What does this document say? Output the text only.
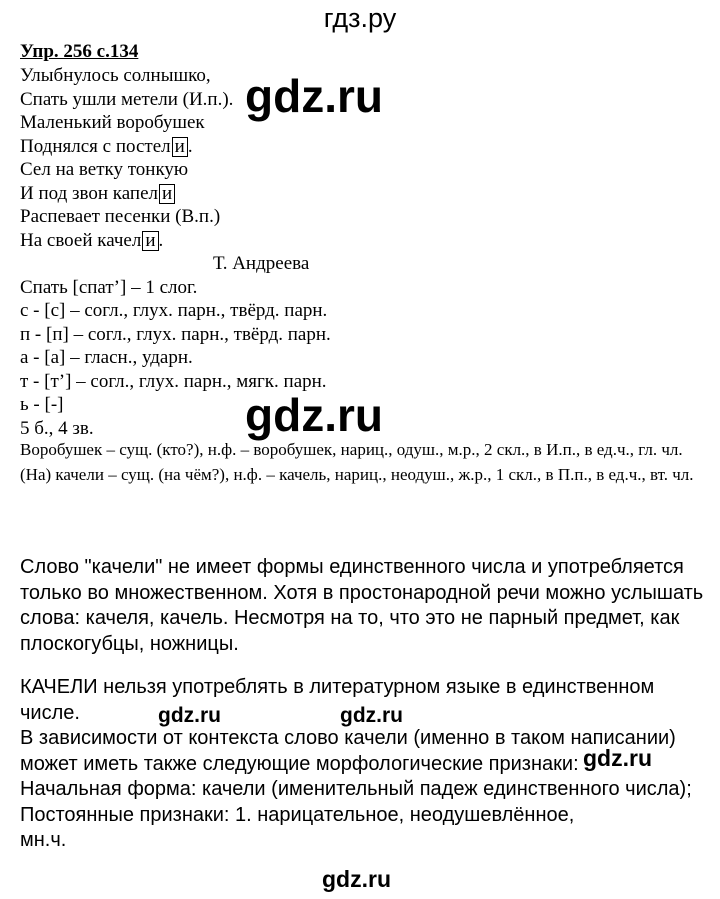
гдз.ру
Упр. 256 с.134
Улыбнулось солнышко,
Спать ушли метели (И.п.).
Маленький воробушек
Поднялся с постел и .
Сел на ветку тонкую
И под звон капел и
Распевает песенки (В.п.)
На своей качел и .
Т. Андреева
Спать [спат’] – 1 слог.
с - [с] – согл., глух. парн., твёрд. парн.
п - [п] – согл., глух. парн., твёрд. парн.
а - [а] – гласн., ударн.
т - [т’] – согл., глух. парн., мягк. парн.
ь - [-]
5 б., 4 зв.
Воробушек – сущ. (кто?), н.ф. – воробушек, нариц., одуш., м.р., 2 скл., в И.п., в ед.ч., гл. чл.
(На) качели – сущ. (на чём?), н.ф. – качель, нариц., неодуш., ж.р., 1 скл., в П.п., в ед.ч., вт. чл.
Слово "качели" не имеет формы единственного числа и употребляется только во множественном. Хотя в простонародной речи можно услышать слова: качеля, качель. Несмотря на то, что это не парный предмет, как плоскогубцы, ножницы.
КАЧЕЛИ нельзя употреблять в литературном языке в единственном
числе.
В зависимости от контекста слово качели (именно в таком написании)
может иметь также следующие морфологические признаки:
Начальная форма: качели (именительный падеж единственного числа);
Постоянные признаки: 1. нарицательное, неодушевлённое,
мн.ч.
gdz.ru
gdz.ru
gdz.ru	gdz.ru
gdz.ru
gdz.ru
